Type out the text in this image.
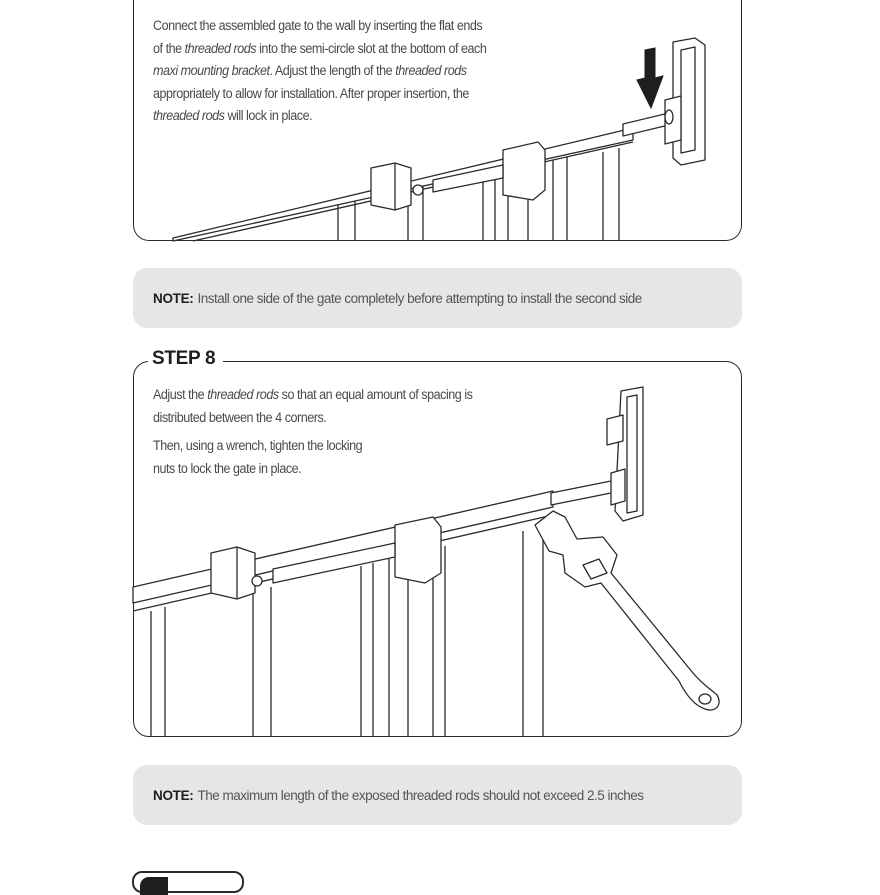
Connect the assembled gate to the wall by inserting the flat ends

of the threaded rods into the semi-circle slot at the bottom of each

maxi mounting bracket. Adjust the length of the threaded rods

appropriately to allow for installation. After proper insertion, the

threaded rods will lock in place.

NOTE: Install one side of the gate completely before attempting to install the second side
STEP 8

Adjust the threaded rods so that an equal amount of spacing is

distributed between the 4 corners.

Then, using a wrench, tighten the locking

nuts to lock the gate in place.

NOTE: The maximum length of the exposed threaded rods should not exceed 2.5 inches
